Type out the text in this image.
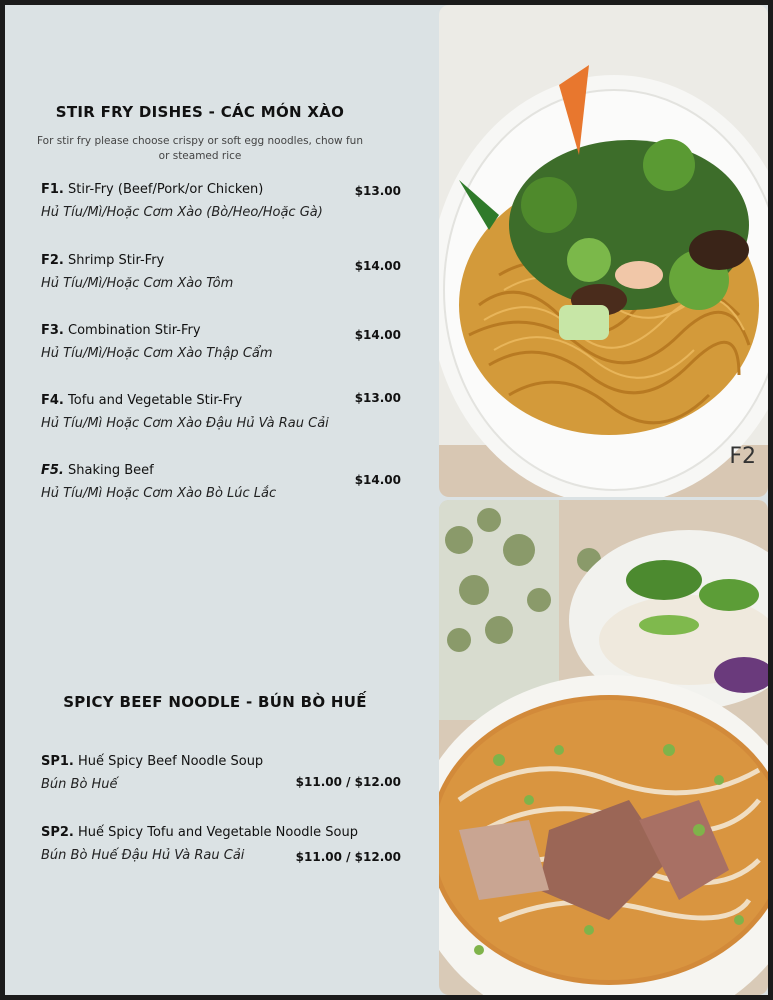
STIR FRY DISHES - CÁC MÓN XÀO
For stir fry please choose crispy or soft egg noodles, chow fun or steamed rice
F1. Stir-Fry (Beef/Pork/or Chicken)
Hủ Tíu/Mì/Hoặc Cơm Xào (Bò/Heo/Hoặc Gà)
$13.00
F2. Shrimp Stir-Fry
Hủ Tíu/Mì/Hoặc Cơm Xào Tôm
$14.00
F3. Combination Stir-Fry
Hủ Tíu/Mì/Hoặc Cơm Xào Thập Cẩm
$14.00
F4. Tofu and Vegetable Stir-Fry
Hủ Tíu/Mì Hoặc Cơm Xào Đậu Hủ Và Rau Cải
$13.00
F5. Shaking Beef
Hủ Tíu/Mì Hoặc Cơm Xào Bò Lúc Lắc
$14.00
SPICY BEEF NOODLE - BÚN BÒ HUẾ
SP1. Huế Spicy Beef Noodle Soup
Bún Bò Huế	$11.00 / $12.00
SP2. Huế Spicy Tofu and Vegetable Noodle Soup
Bún Bò Huế Đậu Hủ Và Rau Cải	$11.00 / $12.00
F2
